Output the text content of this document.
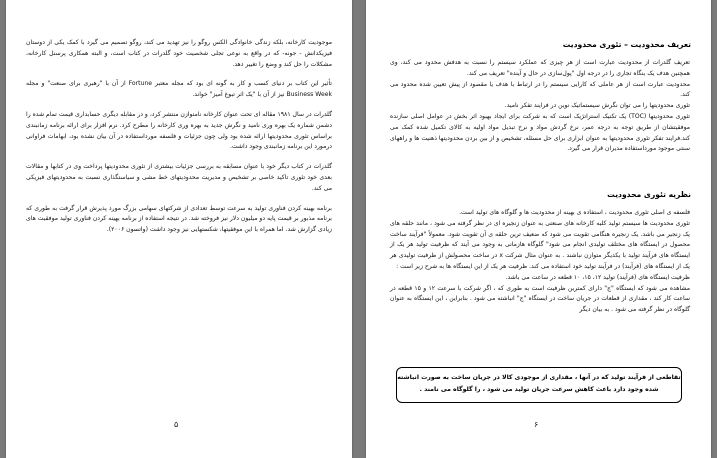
موجودیت کارخانه، بلکه زندگی خانوادگی الکس روگو را نیز تهدید می کند، روگو تصمیم می گیرد با کمک یکی از دوستان فیزیکدانش - جونه- که در واقع به نوعی تجلی شخصیت خود گلدرات در کتاب است، و البته همکاری پرسنل کارخانه، مشکلات را حل کند و وضع را تغییر دهد.

تأثیر این کتاب بر دنیای کسب و کار به گونه ای بود که مجله معتبر Fortune از آن با "رهبری برای صنعت" و مجله Business Week نیز از آن با "یک اثر تبوغ آمیز" خواند.

گلدرات در سال ۱۹۸۱ مقاله ای تحت عنوان کارخانه نامتوازن منتشر کرد، و در مقابله دیگری حسابداری قیمت تمام شده را دشمن شماره یک بهره وری نامید و نگرش جدید به بهره وری کارخانه را مطرح کرد. نرم افزار برای ارائه برنامه زمانبندی براساس تئوری محدودیتها ارائه شده بود ولی چون جزئیات و فلسفه مورداستفاده در آن بیان نشده بود، ابهامات فراوانی درمورد این برنامه زمانبندی وجود داشت.

گلدرات در کتاب دیگر خود با عنوان مسابقه به بررسی جزئیات بیشتری از تئوری محدودیتها پرداخت وی در کتابها و مقالات بعدی خود تئوری تاکید خاصی بر تشخیص و مدیریت محدودیتهای خط مشی و سیاستگذاری نسبت به محدودیتهای فیزیکی می کند.

برنامه بهینه کردن فناوری تولید به سرعت توسط تعدادی از شرکتهای سهامی بزرگ مورد پذیرش قرار گرفت به طوری که برنامه مذبور بر قیمت پایه دو میلیون دلار نیز فروخته شد. در نتیجه استفاده از برنامه بهینه کردن فناوری تولید موفقیت های زیادی گزارش شد. اما همراه با این موفقیتها، شکستهایی نیز وجود داشت (واتسون ۲۰۰۶).

۵
تعریف محدودیت – تئوری محدودیت

تعریف گلدرات از محدودیت عبارت است از هر چیزی که عملکرد سیستم را نسبت به هدفش محدود می کند، وی همچنین هدف یک بنگاه تجاری را در درجه اول "پول‌سازی در حال و آینده" تعریف می کند.

محدودیت عبارت است از هر عاملی که کارایی سیستم را در ارتباط با هدف یا مقصود از پیش تعیین شده محدود می کند.

تئوری محدودیتها را می توان نگرش سیستماتیک نوین در فرایند تفکر نامید.

تئوری محدودیتها (TOC) یک تکنیک استراتژیک است که به شرکت برای ایجاد بهبود اثر بخش در عوامل اصلی سازنده موفقیتشان از طریق توجه به درجه عمر، نرخ گردش مواد و نرخ تبدیل مواد اولیه به کالای تکمیل شده کمک می کند.فرایند تفکر تئوری محدودیتها به عنوان ابزاری برای حل مسئله، تشخیص و از بین بردن محدودیتها ذهنیت ها و راههای سنتی موجود مورداستفاده مدیران قرار می گیرد.

نظریه تئوری محدودیت

فلسفه ی اصلی تئوری محدودیت ، استفاده ی بهینه از محدودیت ها و گلوگاه های تولید است.

تئوری محدودیت ها سیستم تولید کلیه کارخانه های صنعتی به عنوان زنجیره ای در نظر گرفته می شود ، مانند حلقه های یک زنجیر می باشد. یک زنجیره هنگامی تقویت می شود که ضعیف ترین حلقه ی آن تقویت شود. معمولاً "فرآیند ساخت محصول در ایستگاه های مختلف تولیدی انجام می شود" گلوگاه هازمانی به وجود می آیند که ظرفیت تولید هر یک از ایستگاه های فرآیند تولید با یکدیگر متوازن نباشند . به عنوان مثال شرکت x در ساخت محصولش از ظرفیت تولیدی هر یک از ایستگاه های (فرآیند) در فرآیند تولید خود استفاده می کند. ظرفیت هر یک از این ایستگاه ها به شرح زیر است :

ظرفیت ایستگاه های (فرآیند) تولید ۱۲، ۱۵، ۱۰ قطعه در ساعت می باشد.

مشاهده می شود که ایستگاه "ج" دارای کمترین ظرفیت است به طوری که ، اگر شرکت با سرعت ۱۲ و ۱۵ قطعه در ساعت کار کند ، مقداری از قطعات در جریان ساخت در ایستگاه "ج" انباشته می شود . بنابراین ، این ایستگاه به عنوان گلوگاه در نظر گرفته می شود . به بیان دیگر

تقاطعی از فرآیند تولید که در آنها ، مقداری از موجودی کالا در جریان ساخت به صورت انباشته شده وجود دارد باعث کاهش سرعت جریان تولید می شود ، را گلوگاه می نامند .
۶
